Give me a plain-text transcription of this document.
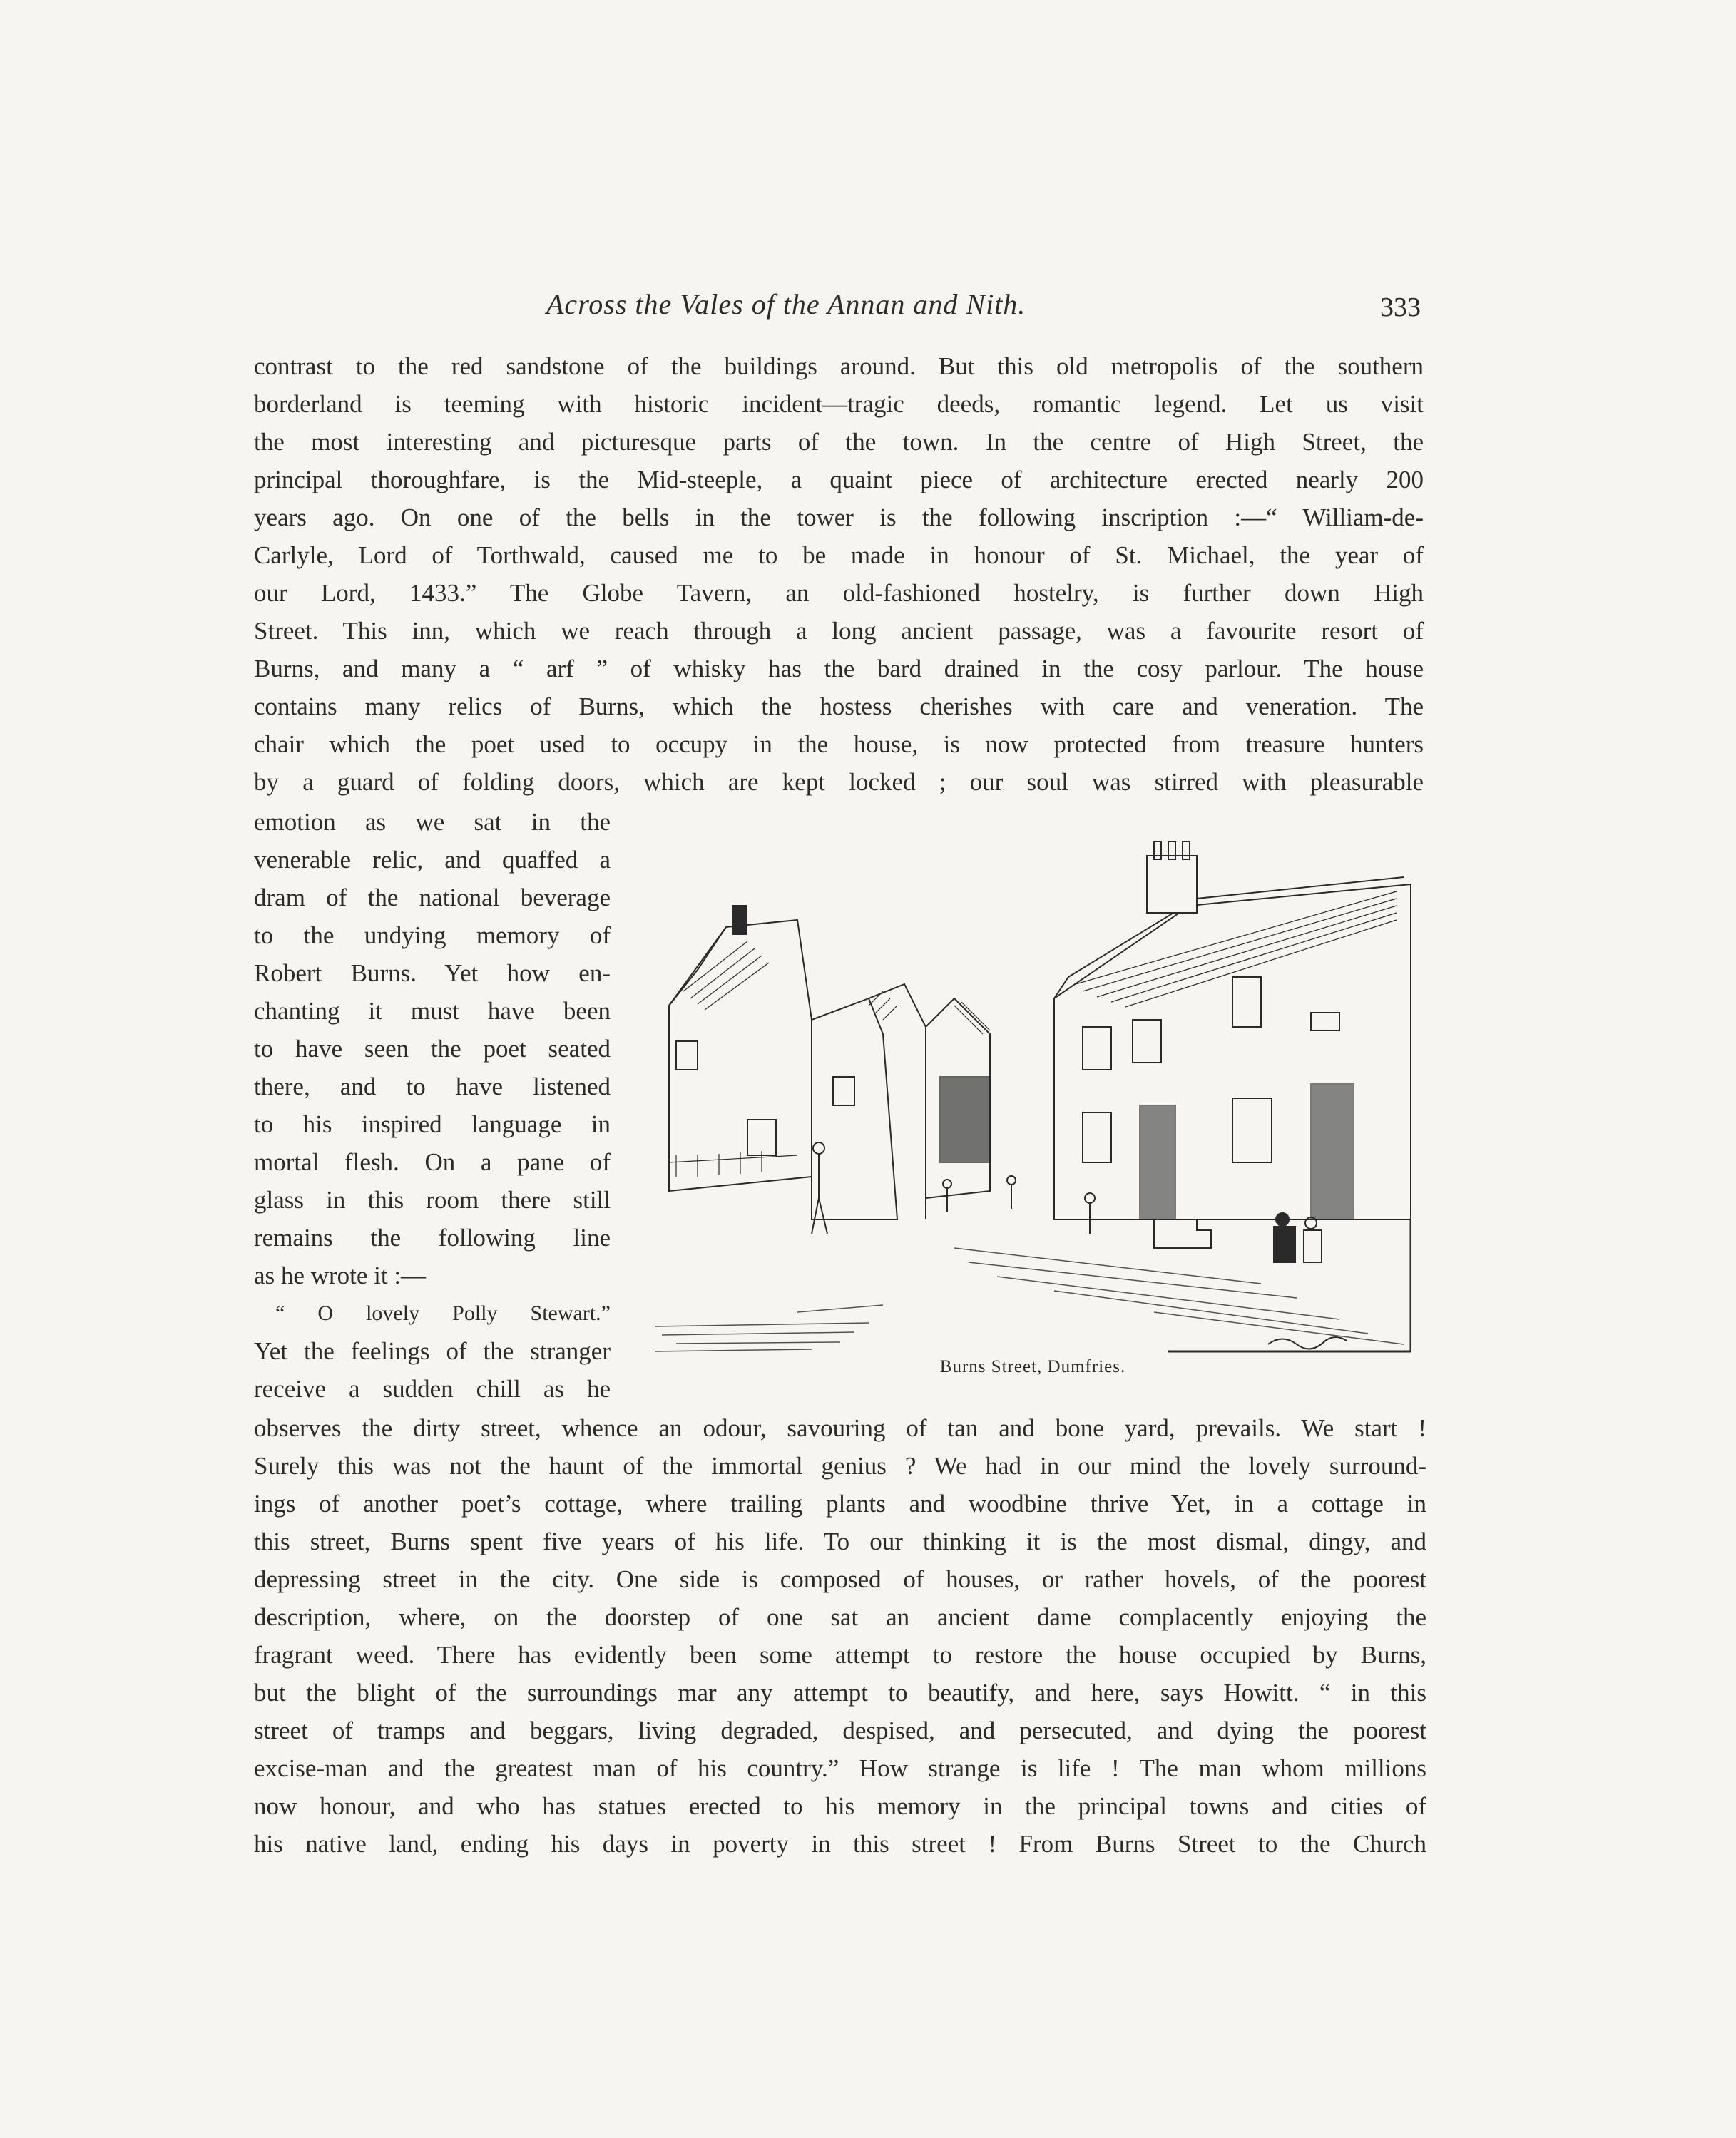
Across the Vales of the Annan and Nith.	333
contrast to the red sandstone of the buildings around. But this old metropolis of the southern
borderland is teeming with historic incident—tragic deeds, romantic legend. Let us visit
the most interesting and picturesque parts of the town. In the centre of High Street, the
principal thoroughfare, is the Mid-steeple, a quaint piece of architecture erected nearly 200
years ago. On one of the bells in the tower is the following inscription :—“ William-de-
Carlyle, Lord of Torthwald, caused me to be made in honour of St. Michael, the year of
our Lord, 1433.” The Globe Tavern, an old-fashioned hostelry, is further down High
Street. This inn, which we reach through a long ancient passage, was a favourite resort of
Burns, and many a “ arf ” of whisky has the bard drained in the cosy parlour. The house
contains many relics of Burns, which the hostess cherishes with care and veneration. The
chair which the poet used to occupy in the house, is now protected from treasure hunters
by a guard of folding doors, which are kept locked ; our soul was stirred with pleasurable
emotion as we sat in the
venerable relic, and quaffed a
dram of the national beverage
to the undying memory of
Robert Burns. Yet how en-
chanting it must have been
to have seen the poet seated
there, and to have listened
to his inspired language in
mortal flesh. On a pane of
glass in this room there still
remains the following line
as he wrote it :—
“ O lovely Polly Stewart.”
Yet the feelings of the stranger
receive a sudden chill as he
Burns Street, Dumfries.
observes the dirty street, whence an odour, savouring of tan and bone yard, prevails. We start !
Surely this was not the haunt of the immortal genius ? We had in our mind the lovely surround-
ings of another poet’s cottage, where trailing plants and woodbine thrive Yet, in a cottage in
this street, Burns spent five years of his life. To our thinking it is the most dismal, dingy, and
depressing street in the city. One side is composed of houses, or rather hovels, of the poorest
description, where, on the doorstep of one sat an ancient dame complacently enjoying the
fragrant weed. There has evidently been some attempt to restore the house occupied by Burns,
but the blight of the surroundings mar any attempt to beautify, and here, says Howitt. “ in this
street of tramps and beggars, living degraded, despised, and persecuted, and dying the poorest
excise-man and the greatest man of his country.” How strange is life ! The man whom millions
now honour, and who has statues erected to his memory in the principal towns and cities of
his native land, ending his days in poverty in this street ! From Burns Street to the Church
